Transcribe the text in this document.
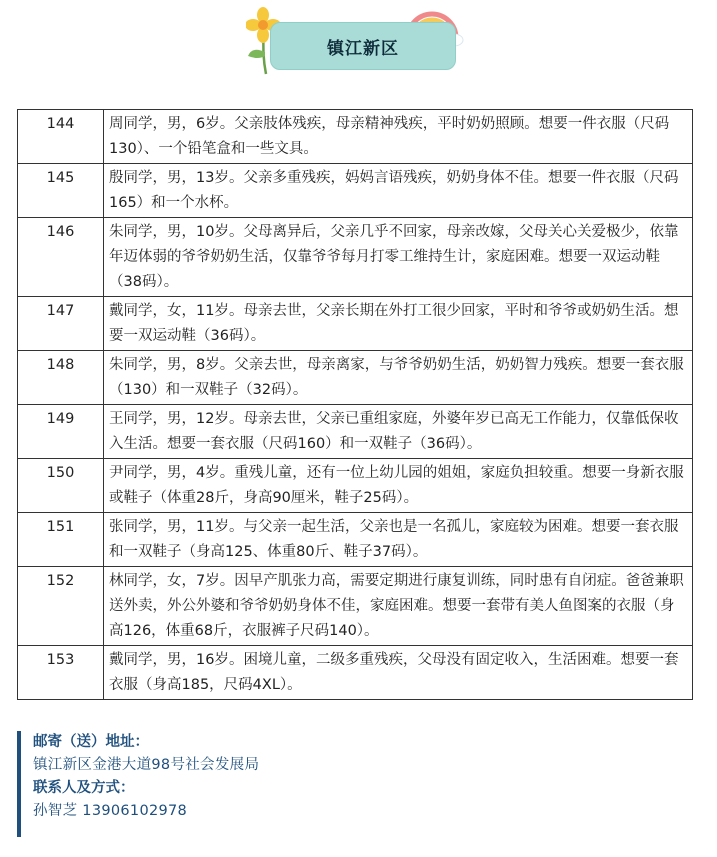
镇江新区
144	周同学，男，6岁。父亲肢体残疾，母亲精神残疾，平时奶奶照顾。想要一件衣服（尺码130）、一个铅笔盒和一些文具。
145	殷同学，男，13岁。父亲多重残疾，妈妈言语残疾，奶奶身体不佳。想要一件衣服（尺码165）和一个水杯。
146	朱同学，男，10岁。父母离异后，父亲几乎不回家，母亲改嫁，父母关心关爱极少，依靠年迈体弱的爷爷奶奶生活，仅靠爷爷每月打零工维持生计，家庭困难。想要一双运动鞋（38码）。
147	戴同学，女，11岁。母亲去世，父亲长期在外打工很少回家，平时和爷爷或奶奶生活。想要一双运动鞋（36码）。
148	朱同学，男，8岁。父亲去世，母亲离家，与爷爷奶奶生活，奶奶智力残疾。想要一套衣服（130）和一双鞋子（32码）。
149	王同学，男，12岁。母亲去世，父亲已重组家庭，外婆年岁已高无工作能力，仅靠低保收入生活。想要一套衣服（尺码160）和一双鞋子（36码）。
150	尹同学，男，4岁。重残儿童，还有一位上幼儿园的姐姐，家庭负担较重。想要一身新衣服或鞋子（体重28斤，身高90厘米，鞋子25码）。
151	张同学，男，11岁。与父亲一起生活，父亲也是一名孤儿，家庭较为困难。想要一套衣服和一双鞋子（身高125、体重80斤、鞋子37码）。
152	林同学，女，7岁。因早产肌张力高，需要定期进行康复训练，同时患有自闭症。爸爸兼职送外卖，外公外婆和爷爷奶奶身体不佳，家庭困难。想要一套带有美人鱼图案的衣服（身高126，体重68斤，衣服裤子尺码140）。
153	戴同学，男，16岁。困境儿童，二级多重残疾，父母没有固定收入，生活困难。想要一套衣服（身高185，尺码4XL）。
邮寄（送）地址：
镇江新区金港大道98号社会发展局
联系人及方式：
孙智芝 13906102978
